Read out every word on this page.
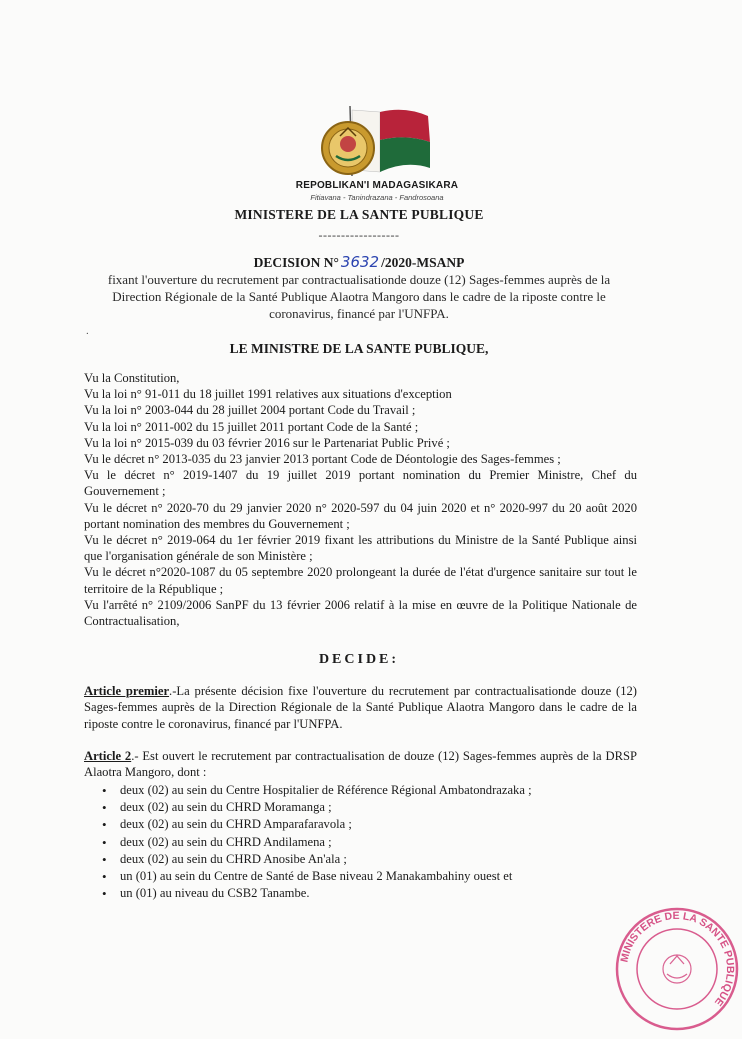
REPOBLIKAN'I MADAGASIKARA
Fitiavana - Tanindrazana - Fandrosoana
MINISTERE DE LA SANTE PUBLIQUE
------------------
DECISION N° 3632 /2020-MSANP
fixant l'ouverture du recrutement par contractualisationde douze (12) Sages-femmes auprès de la Direction Régionale de la Santé Publique Alaotra Mangoro dans le cadre de la riposte contre le coronavirus, financé par l'UNFPA.
.
LE MINISTRE DE LA SANTE PUBLIQUE,
Vu la Constitution,
Vu la loi n° 91-011 du 18 juillet 1991 relatives aux situations d'exception
Vu la loi n° 2003-044 du 28 juillet 2004 portant Code du Travail ;
Vu la loi n° 2011-002 du 15 juillet 2011 portant Code de la Santé ;
Vu la loi n° 2015-039 du 03 février 2016 sur le Partenariat Public Privé ;
Vu le décret n° 2013-035 du 23 janvier 2013 portant Code de Déontologie des Sages-femmes ;
Vu le décret n° 2019-1407 du 19 juillet 2019 portant nomination du Premier Ministre, Chef du Gouvernement ;
Vu le décret n° 2020-70 du 29 janvier 2020 n° 2020-597 du 04 juin 2020 et n° 2020-997 du 20 août 2020 portant nomination des membres du Gouvernement ;
Vu le décret n° 2019-064 du 1er février 2019 fixant les attributions du Ministre de la Santé Publique ainsi que l'organisation générale de son Ministère ;
Vu le décret n°2020-1087 du 05 septembre 2020 prolongeant la durée de l'état d'urgence sanitaire sur tout le territoire de la République ;
Vu l'arrêté n° 2109/2006 SanPF du 13 février 2006 relatif à la mise en œuvre de la Politique Nationale de Contractualisation,
DECIDE:
Article premier.-La présente décision fixe l'ouverture du recrutement par contractualisationde douze (12) Sages-femmes auprès de la Direction Régionale de la Santé Publique Alaotra Mangoro dans le cadre de la riposte contre le coronavirus, financé par l'UNFPA.
Article 2.- Est ouvert le recrutement par contractualisation de douze (12) Sages-femmes auprès de la DRSP Alaotra Mangoro, dont :
• deux (02) au sein du Centre Hospitalier de Référence Régional Ambatondrazaka ;
• deux (02) au sein du CHRD Moramanga ;
• deux (02) au sein du CHRD Amparafaravola ;
• deux (02) au sein du CHRD Andilamena ;
• deux (02) au sein du CHRD Anosibe An'ala ;
• un (01) au sein du Centre de Santé de Base niveau 2 Manakambahiny ouest et
• un (01) au niveau du CSB2 Tanambe.
MINISTERE DE LA SANTE PUBLIQUE
